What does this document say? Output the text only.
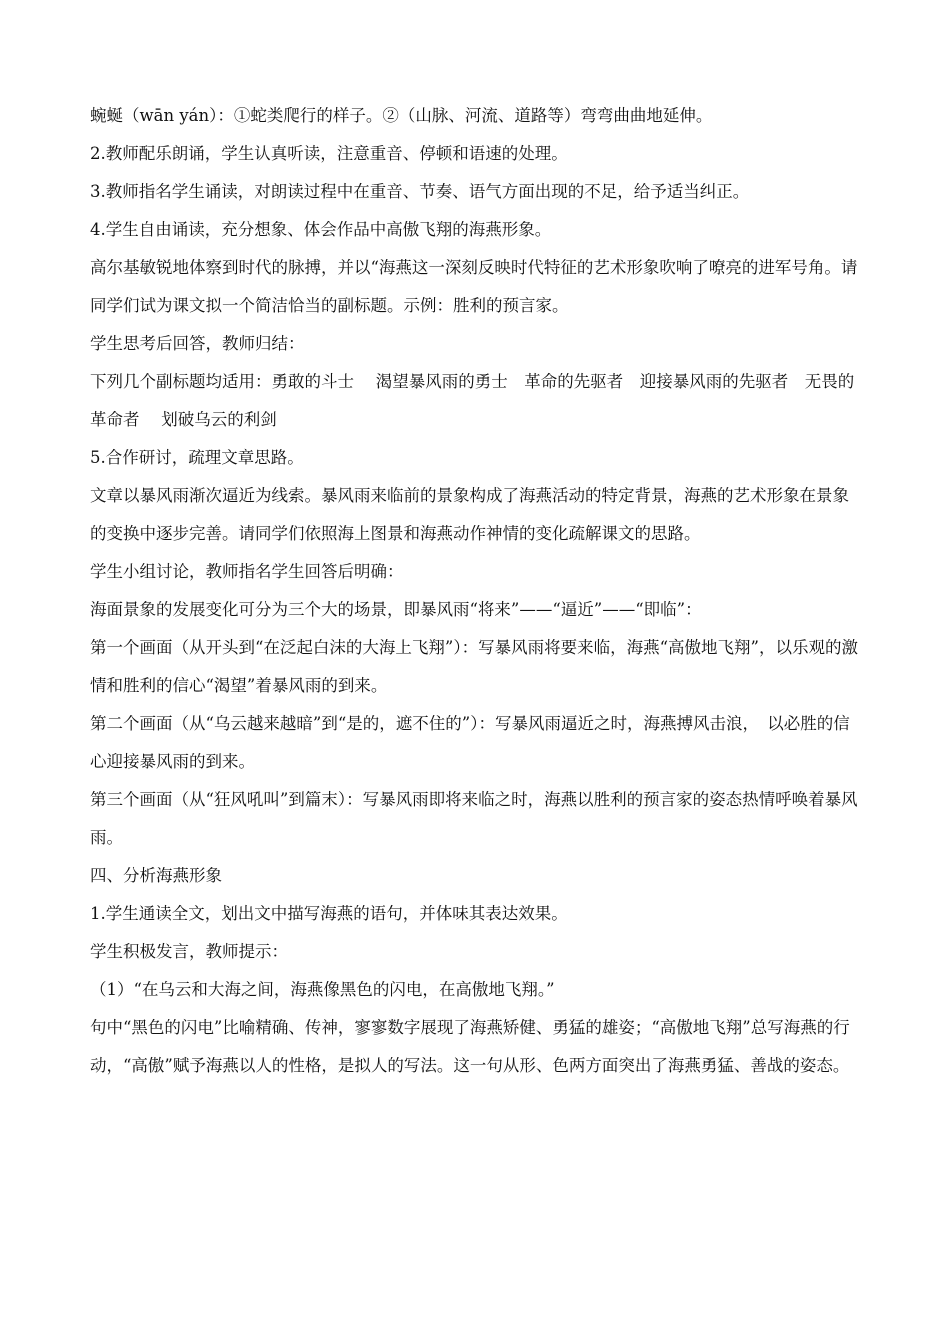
蜿蜒（wān yán）：①蛇类爬行的样子。②（山脉、河流、道路等）弯弯曲曲地延伸。

2.教师配乐朗诵，学生认真听读，注意重音、停顿和语速的处理。

3.教师指名学生诵读，对朗读过程中在重音、节奏、语气方面出现的不足，给予适当纠正。

4.学生自由诵读，充分想象、体会作品中高傲飞翔的海燕形象。

高尔基敏锐地体察到时代的脉搏，并以“海燕这一深刻反映时代特征的艺术形象吹响了嘹亮的进军号角。请同学们试为课文拟一个简洁恰当的副标题。示例：胜利的预言家。

学生思考后回答，教师归结：

下列几个副标题均适用：勇敢的斗士　 渴望暴风雨的勇士　革命的先驱者　迎接暴风雨的先驱者　无畏的革命者　 划破乌云的利剑

5.合作研讨，疏理文章思路。

文章以暴风雨渐次逼近为线索。暴风雨来临前的景象构成了海燕活动的特定背景，海燕的艺术形象在景象的变换中逐步完善。请同学们依照海上图景和海燕动作神情的变化疏解课文的思路。

学生小组讨论，教师指名学生回答后明确：

海面景象的发展变化可分为三个大的场景，即暴风雨“将来”——“逼近”——“即临”：

第一个画面（从开头到“在泛起白沫的大海上飞翔”）：写暴风雨将要来临，海燕“高傲地飞翔”，以乐观的激情和胜利的信心“渴望”着暴风雨的到来。

第二个画面（从“乌云越来越暗”到“是的，遮不住的”）：写暴风雨逼近之时，海燕搏风击浪，　以必胜的信心迎接暴风雨的到来。

第三个画面（从“狂风吼叫”到篇末）：写暴风雨即将来临之时，海燕以胜利的预言家的姿态热情呼唤着暴风雨。

四、分析海燕形象

1.学生通读全文，划出文中描写海燕的语句，并体味其表达效果。

学生积极发言，教师提示：

（1）“在乌云和大海之间，海燕像黑色的闪电，在高傲地飞翔。”

句中“黑色的闪电”比喻精确、传神，寥寥数字展现了海燕矫健、勇猛的雄姿；“高傲地飞翔”总写海燕的行动，“高傲”赋予海燕以人的性格，是拟人的写法。这一句从形、色两方面突出了海燕勇猛、善战的姿态。
